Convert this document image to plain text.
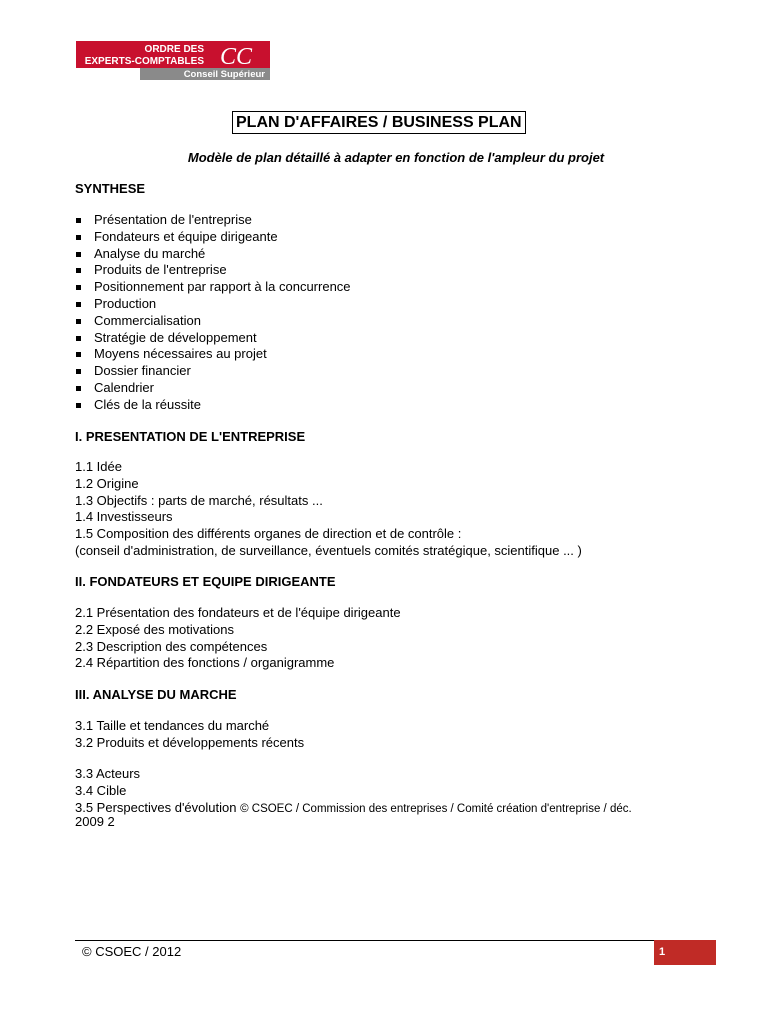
ORDRE DES
EXPERTS-COMPTABLES
Conseil Supérieur
CC
PLAN D'AFFAIRES / BUSINESS PLAN
Modèle de plan détaillé à adapter en fonction de l'ampleur du projet
SYNTHESE
Présentation de l'entreprise
Fondateurs et équipe dirigeante
Analyse du marché
Produits de l'entreprise
Positionnement par rapport à la concurrence
Production
Commercialisation
Stratégie de développement
Moyens nécessaires au projet
Dossier financier
Calendrier
Clés de la réussite
I. PRESENTATION DE L'ENTREPRISE
1.1 Idée
1.2 Origine
1.3 Objectifs : parts de marché, résultats ...
1.4 Investisseurs
1.5 Composition des différents organes de direction et de contrôle :
(conseil d'administration, de surveillance, éventuels comités stratégique, scientifique ... )
II. FONDATEURS ET EQUIPE DIRIGEANTE
2.1 Présentation des fondateurs et de l'équipe dirigeante
2.2 Exposé des motivations
2.3 Description des compétences
2.4 Répartition des fonctions / organigramme
III. ANALYSE DU MARCHE
3.1 Taille et tendances du marché
3.2 Produits et développements récents
3.3 Acteurs
3.4 Cible
3.5 Perspectives d'évolution © CSOEC / Commission des entreprises / Comité création d'entreprise / déc.
2009 2
© CSOEC / 2012	1
